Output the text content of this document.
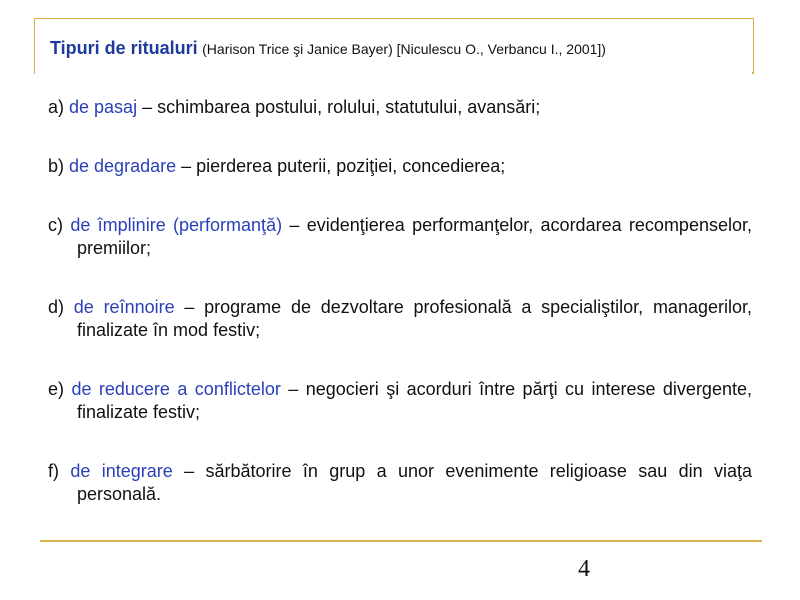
Tipuri de ritualuri (Harison Trice şi Janice Bayer) [Niculescu O., Verbancu I., 2001])
a) de pasaj – schimbarea postului, rolului, statutului, avansări;
b) de degradare – pierderea puterii, poziţiei, concedierea;
c) de împlinire (performanţă) – evidenţierea performanţelor, acordarea recompenselor, premiilor;
d) de reînnoire – programe de dezvoltare profesională a specialiştilor, managerilor, finalizate în mod festiv;
e) de reducere a conflictelor – negocieri şi acorduri între părţi cu interese divergente, finalizate festiv;
f) de integrare – sărbătorire în grup a unor evenimente religioase sau din viaţa personală.
4
